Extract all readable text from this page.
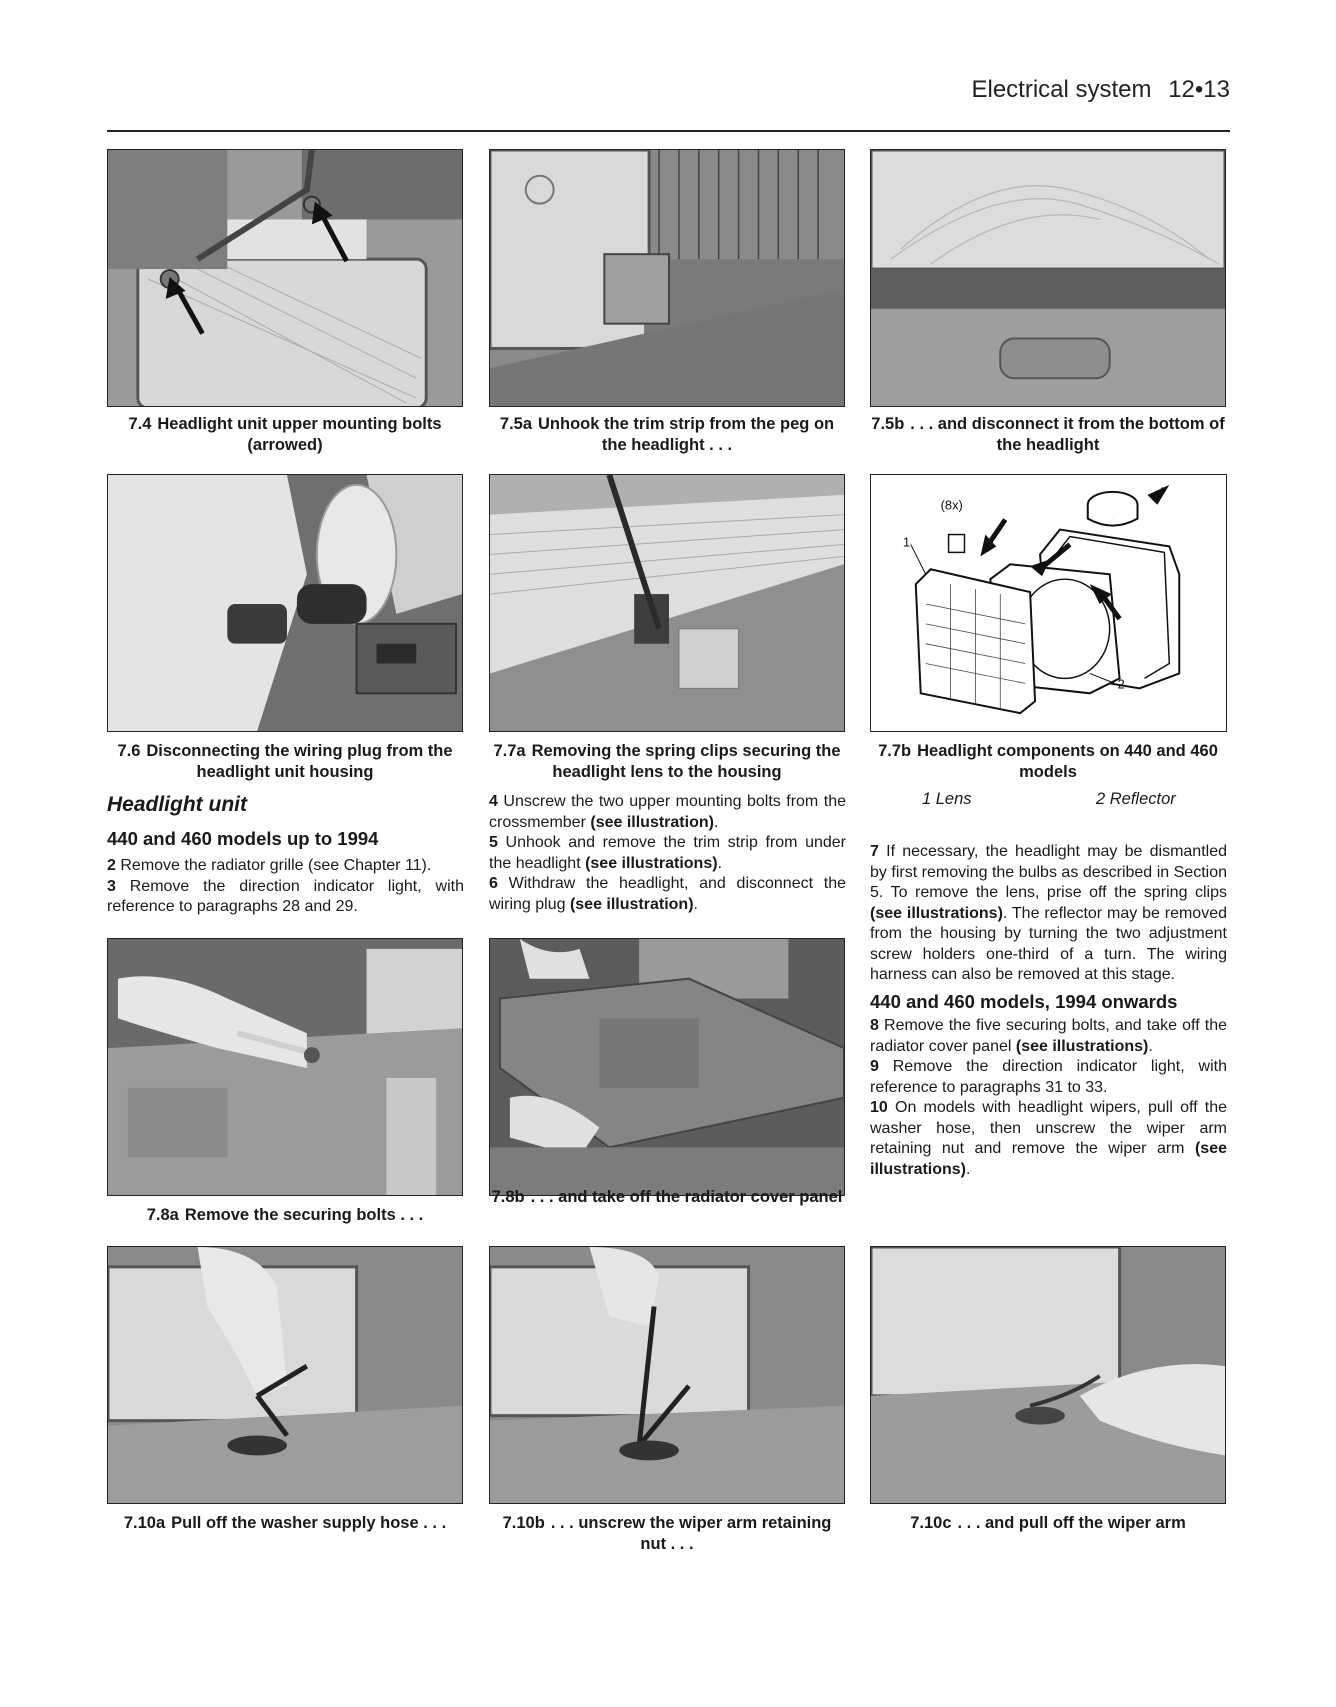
Electrical system 12•13
7.4 Headlight unit upper mounting bolts (arrowed)
7.5a Unhook the trim strip from the peg on the headlight . . .
7.5b . . . and disconnect it from the bottom of the headlight
(8x)
1
2
7.6 Disconnecting the wiring plug from the headlight unit housing
7.7a Removing the spring clips securing the headlight lens to the housing
7.7b Headlight components on 440 and 460 models
1 Lens	2 Reflector
Headlight unit
440 and 460 models up to 1994

2 Remove the radiator grille (see Chapter 11).

3 Remove the direction indicator light, with reference to paragraphs 28 and 29.

4 Unscrew the two upper mounting bolts from the crossmember (see illustration).

5 Unhook and remove the trim strip from under the headlight (see illustrations).

6 Withdraw the headlight, and disconnect the wiring plug (see illustration).

7 If necessary, the headlight may be dismantled by first removing the bulbs as described in Section 5. To remove the lens, prise off the spring clips (see illustrations). The reflector may be removed from the housing by turning the two adjustment screw holders one-third of a turn. The wiring harness can also be removed at this stage.

440 and 460 models, 1994 onwards

8 Remove the five securing bolts, and take off the radiator cover panel (see illustrations).

9 Remove the direction indicator light, with reference to paragraphs 31 to 33.

10 On models with headlight wipers, pull off the washer hose, then unscrew the wiper arm retaining nut and remove the wiper arm (see illustrations).

7.8a Remove the securing bolts . . .
7.8b . . . and take off the radiator cover panel
7.10a Pull off the washer supply hose . . .	7.10b . . . unscrew the wiper arm retaining nut . . .
7.10c . . . and pull off the wiper arm
